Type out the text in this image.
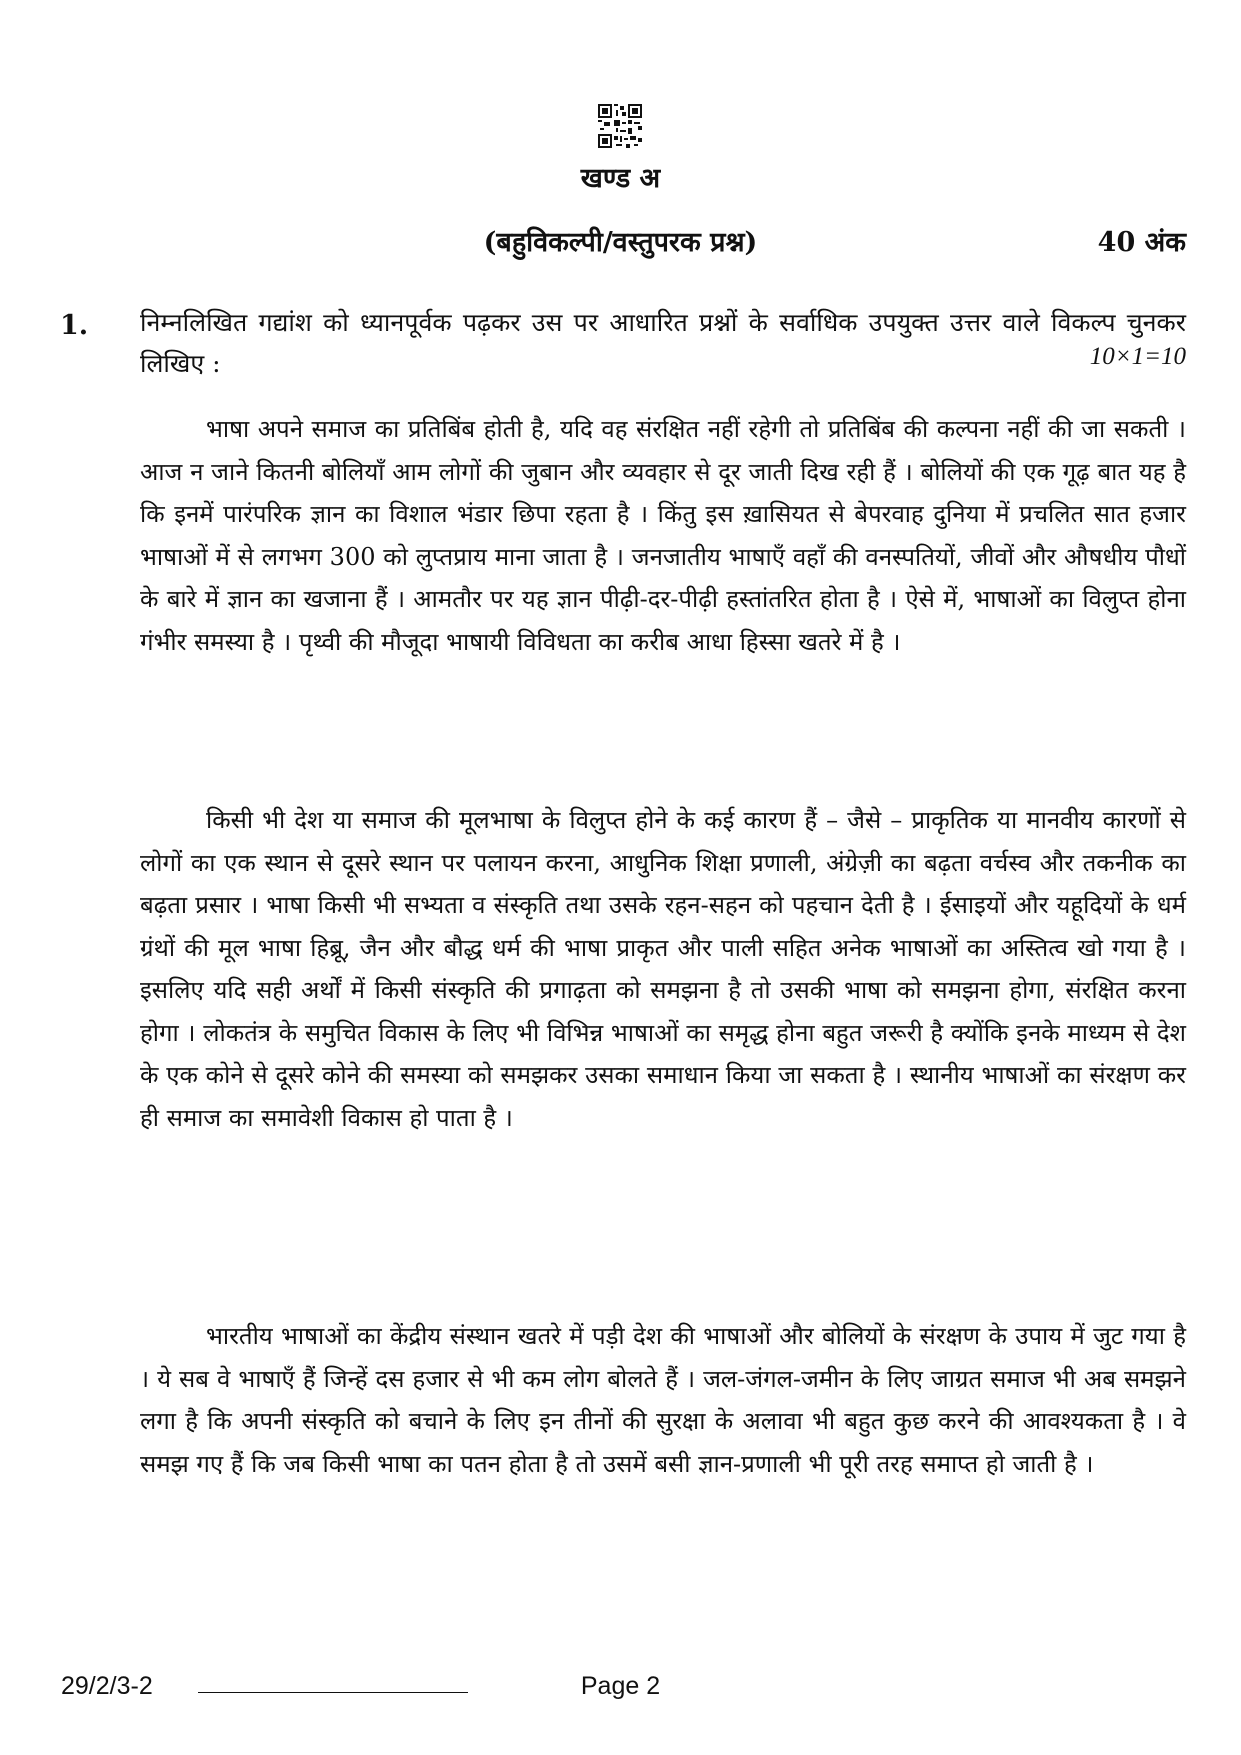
खण्ड अ
(बहुविकल्पी/वस्तुपरक प्रश्न)	40 अंक
1. निम्नलिखित गद्यांश को ध्यानपूर्वक पढ़कर उस पर आधारित प्रश्नों के सर्वाधिक उपयुक्त उत्तर वाले विकल्प चुनकर लिखिए :	10×1=10

भाषा अपने समाज का प्रतिबिंब होती है, यदि वह संरक्षित नहीं रहेगी तो प्रतिबिंब की कल्पना नहीं की जा सकती । आज न जाने कितनी बोलियाँ आम लोगों की जुबान और व्यवहार से दूर जाती दिख रही हैं । बोलियों की एक गूढ़ बात यह है कि इनमें पारंपरिक ज्ञान का विशाल भंडार छिपा रहता है । किंतु इस ख़ासियत से बेपरवाह दुनिया में प्रचलित सात हजार भाषाओं में से लगभग 300 को लुप्तप्राय माना जाता है । जनजातीय भाषाएँ वहाँ की वनस्पतियों, जीवों और औषधीय पौधों के बारे में ज्ञान का खजाना हैं । आमतौर पर यह ज्ञान पीढ़ी-दर-पीढ़ी हस्तांतरित होता है । ऐसे में, भाषाओं का विलुप्त होना गंभीर समस्या है । पृथ्वी की मौजूदा भाषायी विविधता का करीब आधा हिस्सा खतरे में है ।

किसी भी देश या समाज की मूलभाषा के विलुप्त होने के कई कारण हैं – जैसे – प्राकृतिक या मानवीय कारणों से लोगों का एक स्थान से दूसरे स्थान पर पलायन करना, आधुनिक शिक्षा प्रणाली, अंग्रेज़ी का बढ़ता वर्चस्व और तकनीक का बढ़ता प्रसार । भाषा किसी भी सभ्यता व संस्कृति तथा उसके रहन-सहन को पहचान देती है । ईसाइयों और यहूदियों के धर्म ग्रंथों की मूल भाषा हिब्रू, जैन और बौद्ध धर्म की भाषा प्राकृत और पाली सहित अनेक भाषाओं का अस्तित्व खो गया है । इसलिए यदि सही अर्थों में किसी संस्कृति की प्रगाढ़ता को समझना है तो उसकी भाषा को समझना होगा, संरक्षित करना होगा । लोकतंत्र के समुचित विकास के लिए भी विभिन्न भाषाओं का समृद्ध होना बहुत जरूरी है क्योंकि इनके माध्यम से देश के एक कोने से दूसरे कोने की समस्या को समझकर उसका समाधान किया जा सकता है । स्थानीय भाषाओं का संरक्षण कर ही समाज का समावेशी विकास हो पाता है ।

भारतीय भाषाओं का केंद्रीय संस्थान खतरे में पड़ी देश की भाषाओं और बोलियों के संरक्षण के उपाय में जुट गया है । ये सब वे भाषाएँ हैं जिन्हें दस हजार से भी कम लोग बोलते हैं । जल-जंगल-जमीन के लिए जाग्रत समाज भी अब समझने लगा है कि अपनी संस्कृति को बचाने के लिए इन तीनों की सुरक्षा के अलावा भी बहुत कुछ करने की आवश्यकता है । वे समझ गए हैं कि जब किसी भाषा का पतन होता है तो उसमें बसी ज्ञान-प्रणाली भी पूरी तरह समाप्त हो जाती है ।

29/2/3-2	Page 2
